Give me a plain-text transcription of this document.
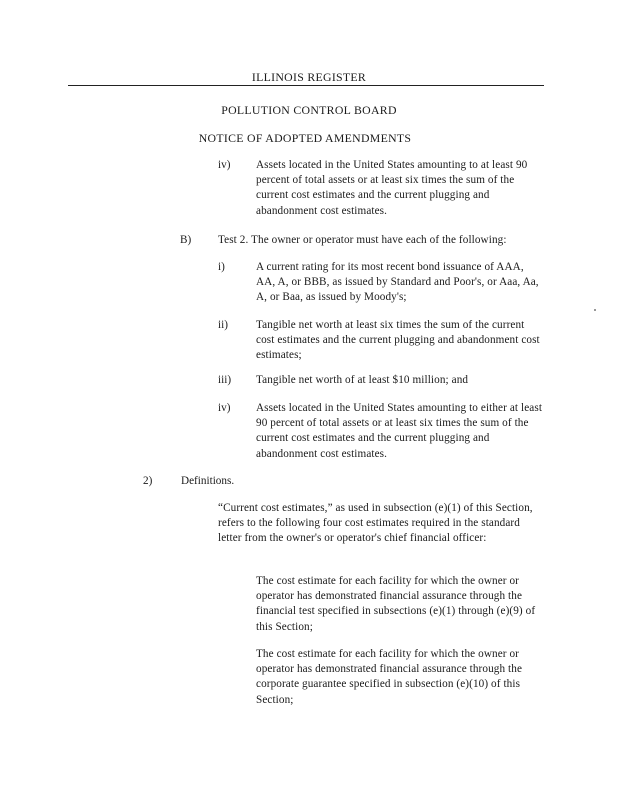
ILLINOIS REGISTER
POLLUTION CONTROL BOARD
NOTICE OF ADOPTED AMENDMENTS

iv) Assets located in the United States amounting to at least 90 percent of total assets or at least six times the sum of the current cost estimates and the current plugging and abandonment cost estimates.

B) Test 2. The owner or operator must have each of the following:

i)	A current rating for its most recent bond issuance of AAA, AA, A, or BBB, as issued by Standard and Poor's, or Aaa, Aa, A, or Baa, as issued by Moody's;

ii)	Tangible net worth at least six times the sum of the current cost estimates and the current plugging and abandonment cost estimates;

iii) Tangible net worth of at least $10 million; and

iv) Assets located in the United States amounting to either at least 90 percent of total assets or at least six times the sum of the current cost estimates and the current plugging and abandonment cost estimates.

2)	Definitions.

“Current cost estimates,” as used in subsection (e)(1) of this Section, refers to the following four cost estimates required in the standard letter from the owner's or operator's chief financial officer:

The cost estimate for each facility for which the owner or operator has demonstrated financial assurance through the financial test specified in subsections (e)(1) through (e)(9) of this Section;

The cost estimate for each facility for which the owner or operator has demonstrated financial assurance through the corporate guarantee specified in subsection (e)(10) of this Section;
